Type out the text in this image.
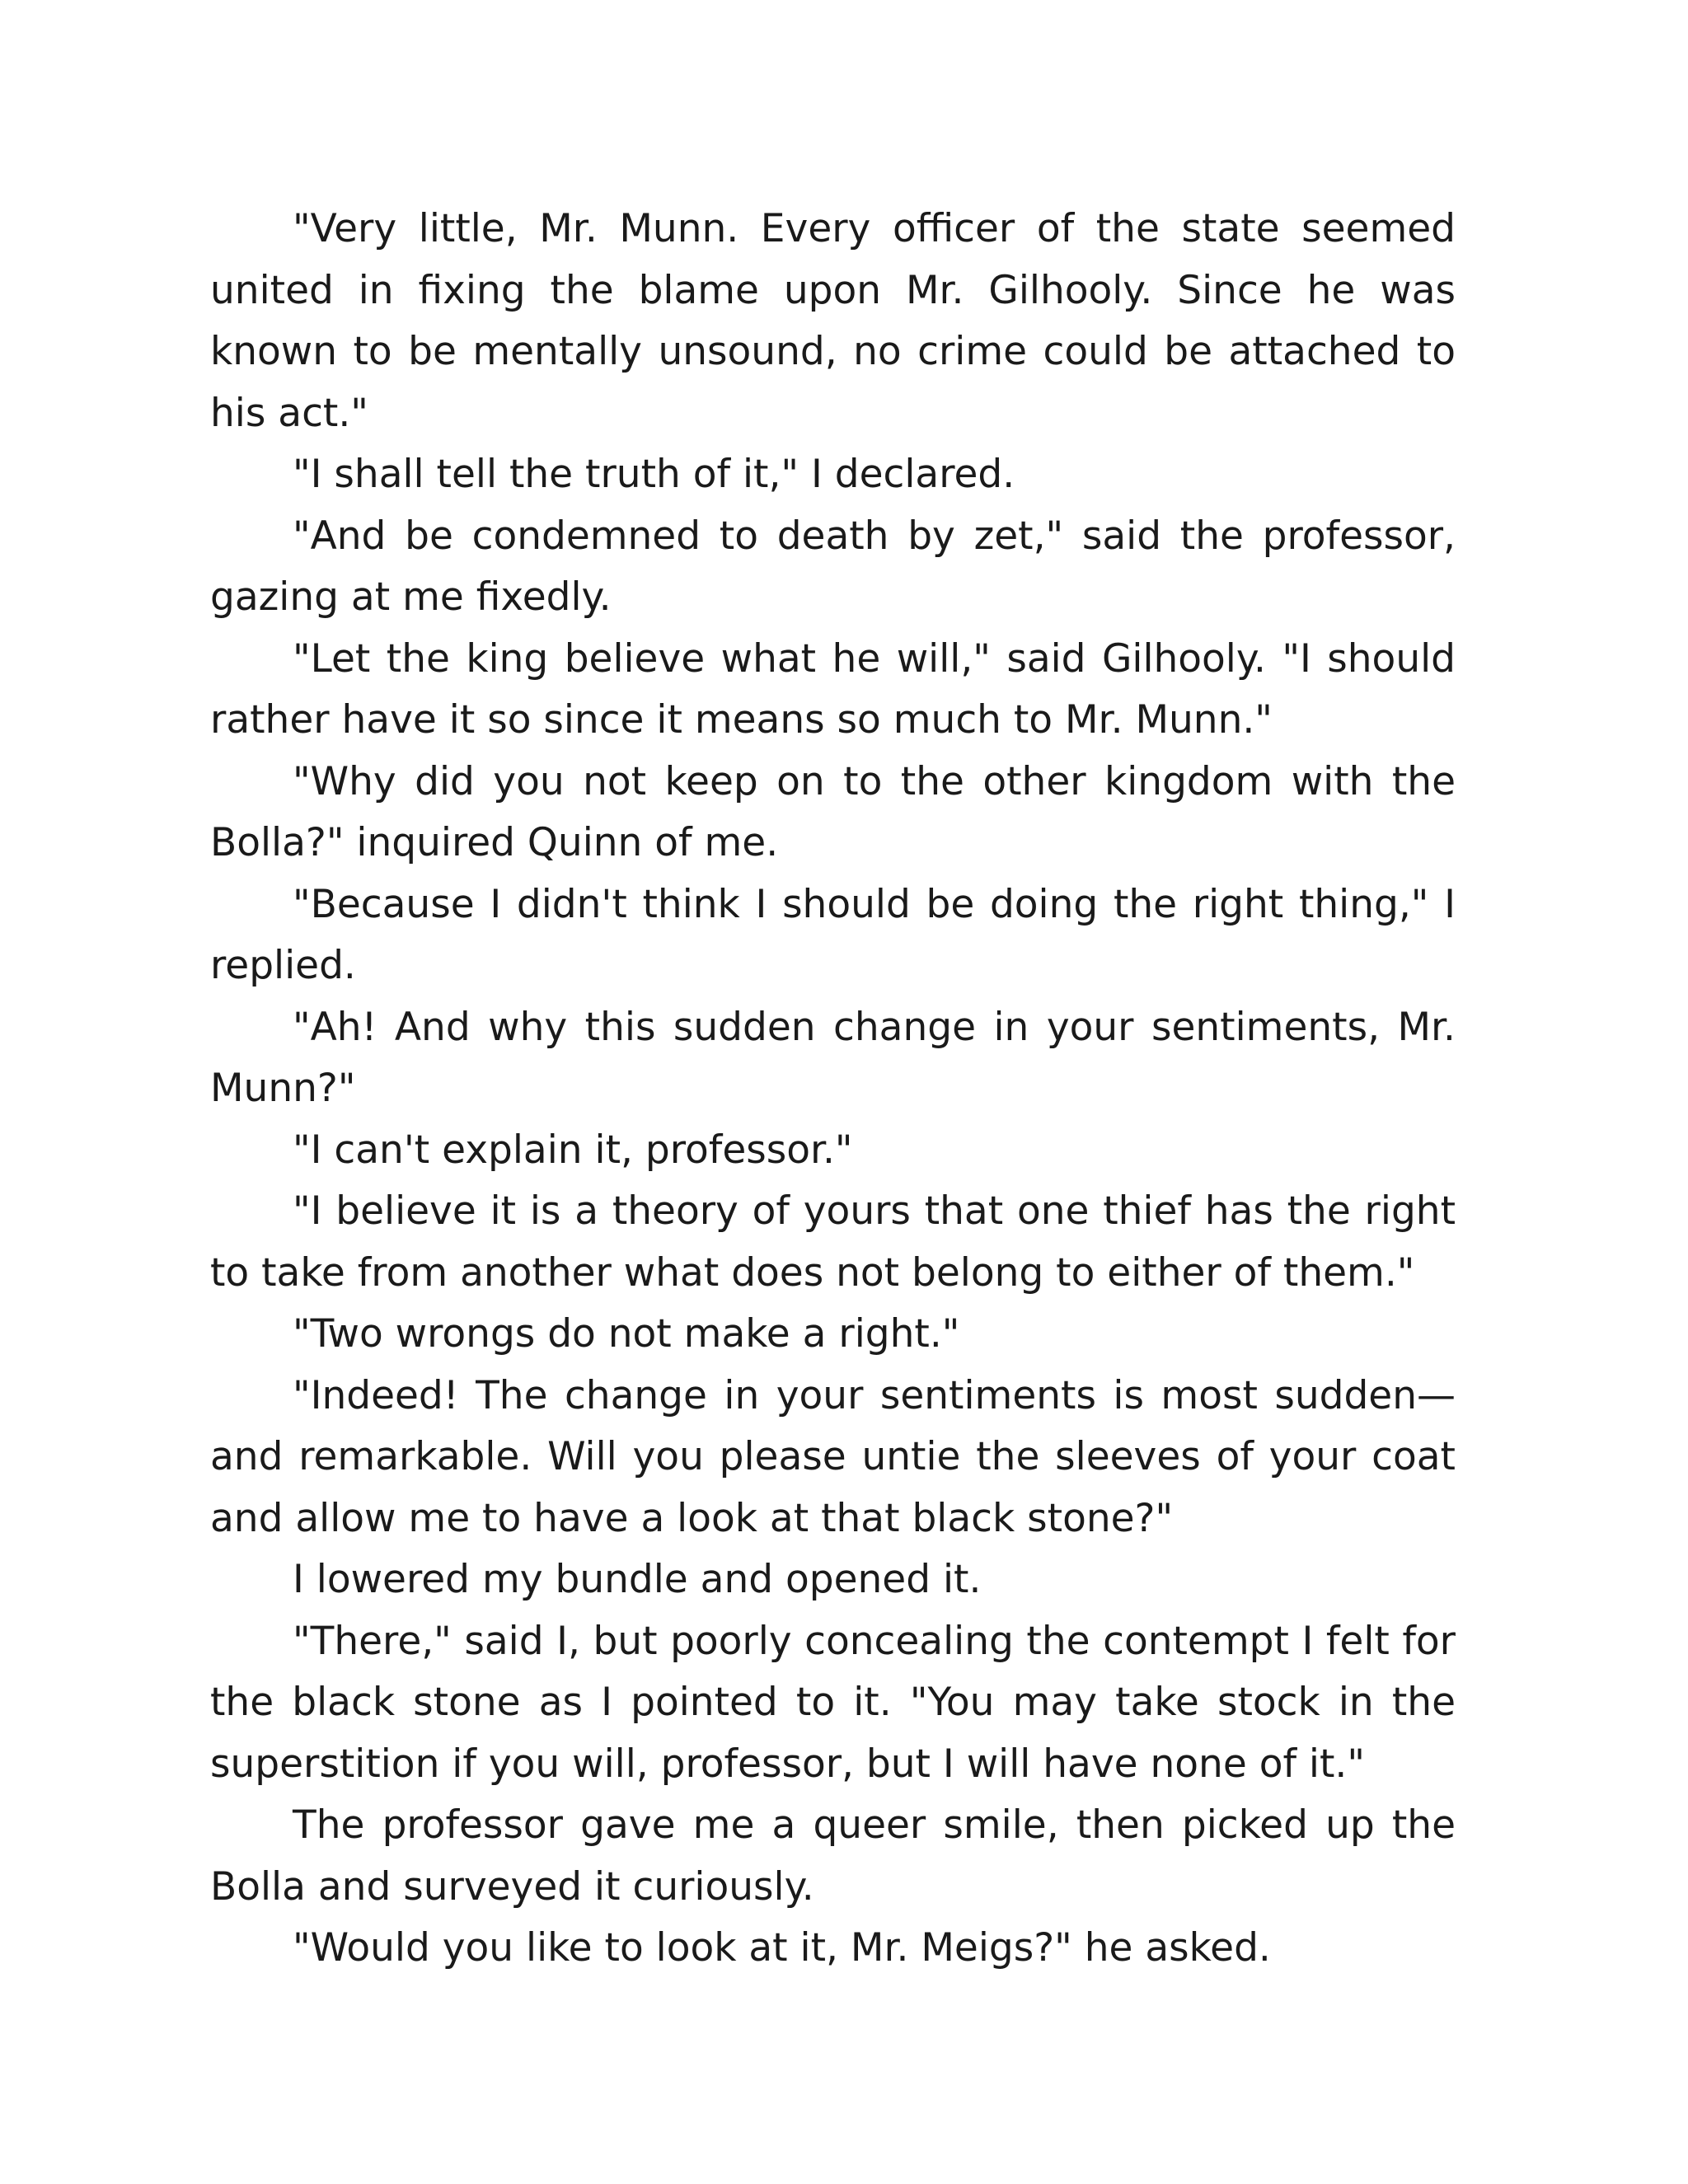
"Very little, Mr. Munn. Every officer of the state seemed united in fixing the blame upon Mr. Gilhooly. Since he was known to be mentally unsound, no crime could be attached to his act."

"I shall tell the truth of it," I declared.

"And be condemned to death by zet," said the professor, gazing at me fixedly.

"Let the king believe what he will," said Gilhooly. "I should rather have it so since it means so much to Mr. Munn."

"Why did you not keep on to the other kingdom with the Bolla?" inquired Quinn of me.

"Because I didn't think I should be doing the right thing," I replied.

"Ah! And why this sudden change in your sentiments, Mr. Munn?"

"I can't explain it, professor."

"I believe it is a theory of yours that one thief has the right to take from another what does not belong to either of them."

"Two wrongs do not make a right."

"Indeed! The change in your sentiments is most sudden—and remarkable. Will you please untie the sleeves of your coat and allow me to have a look at that black stone?"

I lowered my bundle and opened it.

"There," said I, but poorly concealing the contempt I felt for the black stone as I pointed to it. "You may take stock in the superstition if you will, professor, but I will have none of it."

The professor gave me a queer smile, then picked up the Bolla and surveyed it curiously.

"Would you like to look at it, Mr. Meigs?" he asked.
